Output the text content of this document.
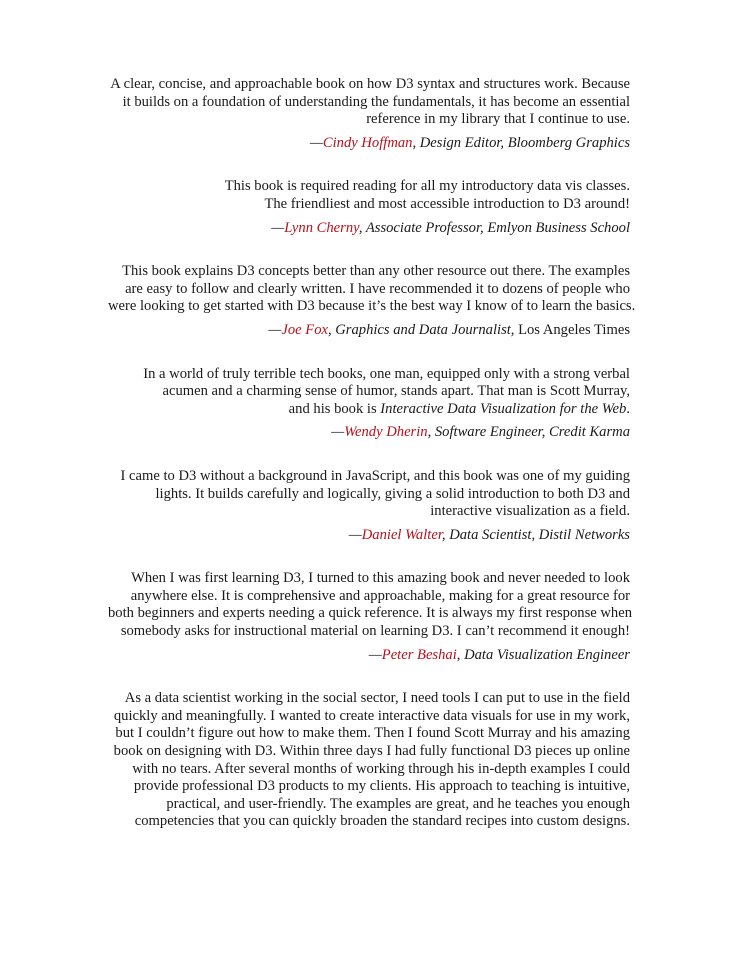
A clear, concise, and approachable book on how D3 syntax and structures work. Because
it builds on a foundation of understanding the fundamentals, it has become an essential
reference in my library that I continue to use.

—Cindy Hoffman, Design Editor, Bloomberg Graphics

This book is required reading for all my introductory data vis classes.
The friendliest and most accessible introduction to D3 around!

—Lynn Cherny, Associate Professor, Emlyon Business School

This book explains D3 concepts better than any other resource out there. The examples
are easy to follow and clearly written. I have recommended it to dozens of people who
were looking to get started with D3 because it’s the best way I know of to learn the basics.

—Joe Fox, Graphics and Data Journalist, Los Angeles Times

In a world of truly terrible tech books, one man, equipped only with a strong verbal
acumen and a charming sense of humor, stands apart. That man is Scott Murray,
and his book is Interactive Data Visualization for the Web.

—Wendy Dherin, Software Engineer, Credit Karma

I came to D3 without a background in JavaScript, and this book was one of my guiding
lights. It builds carefully and logically, giving a solid introduction to both D3 and
interactive visualization as a field.

—Daniel Walter, Data Scientist, Distil Networks

When I was first learning D3, I turned to this amazing book and never needed to look
anywhere else. It is comprehensive and approachable, making for a great resource for
both beginners and experts needing a quick reference. It is always my first response when
somebody asks for instructional material on learning D3. I can’t recommend it enough!

—Peter Beshai, Data Visualization Engineer

As a data scientist working in the social sector, I need tools I can put to use in the field
quickly and meaningfully. I wanted to create interactive data visuals for use in my work,
but I couldn’t figure out how to make them. Then I found Scott Murray and his amazing
book on designing with D3. Within three days I had fully functional D3 pieces up online
with no tears. After several months of working through his in-depth examples I could
provide professional D3 products to my clients. His approach to teaching is intuitive,
practical, and user-friendly. The examples are great, and he teaches you enough
competencies that you can quickly broaden the standard recipes into custom designs.
